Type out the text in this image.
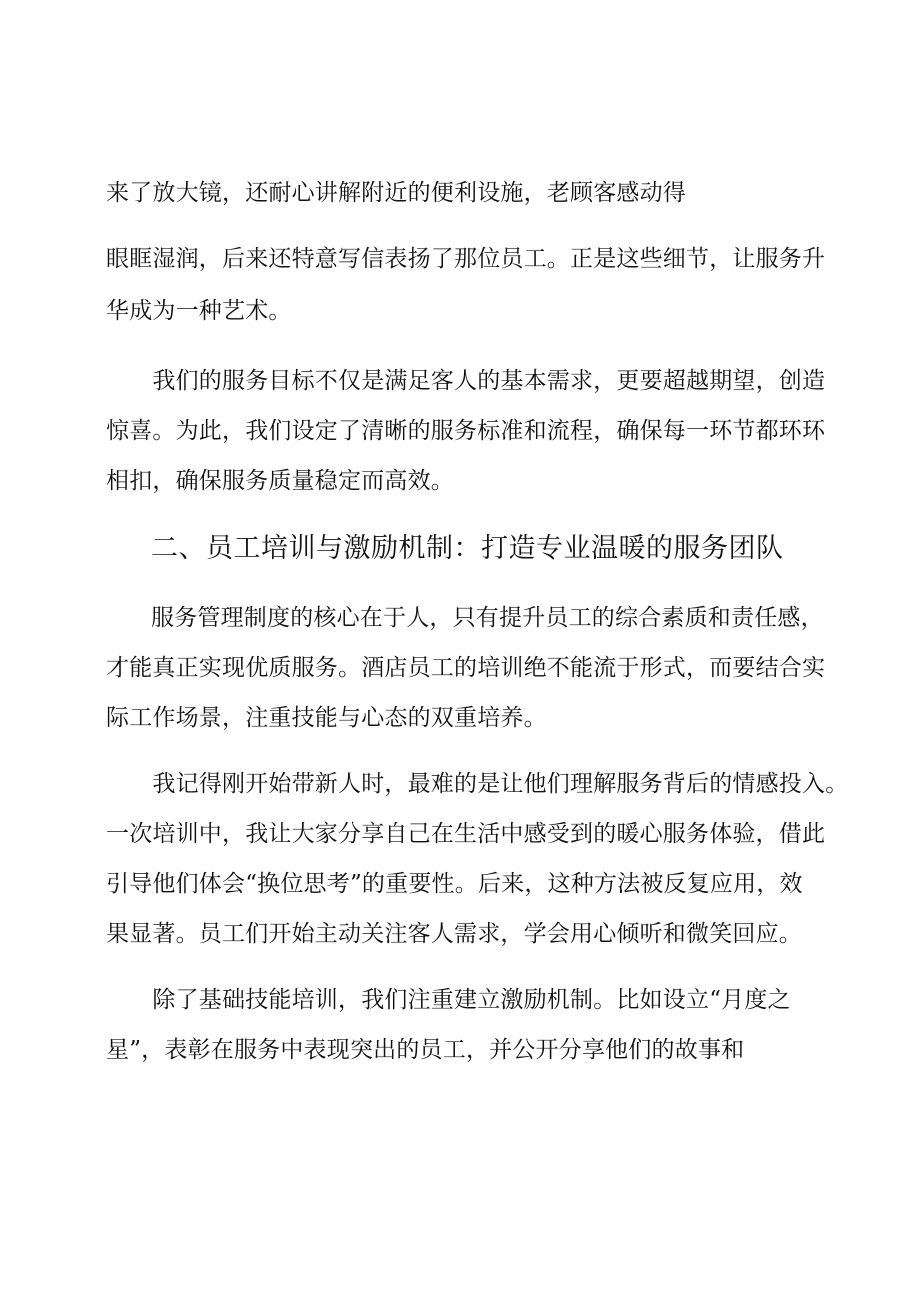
来了放大镜，还耐心讲解附近的便利设施，老顾客感动得
眼眶湿润，后来还特意写信表扬了那位员工。正是这些细节，让服务升
华成为一种艺术。
　　我们的服务目标不仅是满足客人的基本需求，更要超越期望，创造
惊喜。为此，我们设定了清晰的服务标准和流程，确保每一环节都环环
相扣，确保服务质量稳定而高效。
二、员工培训与激励机制：打造专业温暖的服务团队
服务管理制度的核心在于人，只有提升员工的综合素质和责任感，
才能真正实现优质服务。酒店员工的培训绝不能流于形式，而要结合实
际工作场景，注重技能与心态的双重培养。
　　我记得刚开始带新人时，最难的是让他们理解服务背后的情感投入。
一次培训中，我让大家分享自己在生活中感受到的暖心服务体验，借此
引导他们体会“换位思考”的重要性。后来，这种方法被反复应用，效
果显著。员工们开始主动关注客人需求，学会用心倾听和微笑回应。
　　除了基础技能培训，我们注重建立激励机制。比如设立“月度之
星”，表彰在服务中表现突出的员工，并公开分享他们的故事和
